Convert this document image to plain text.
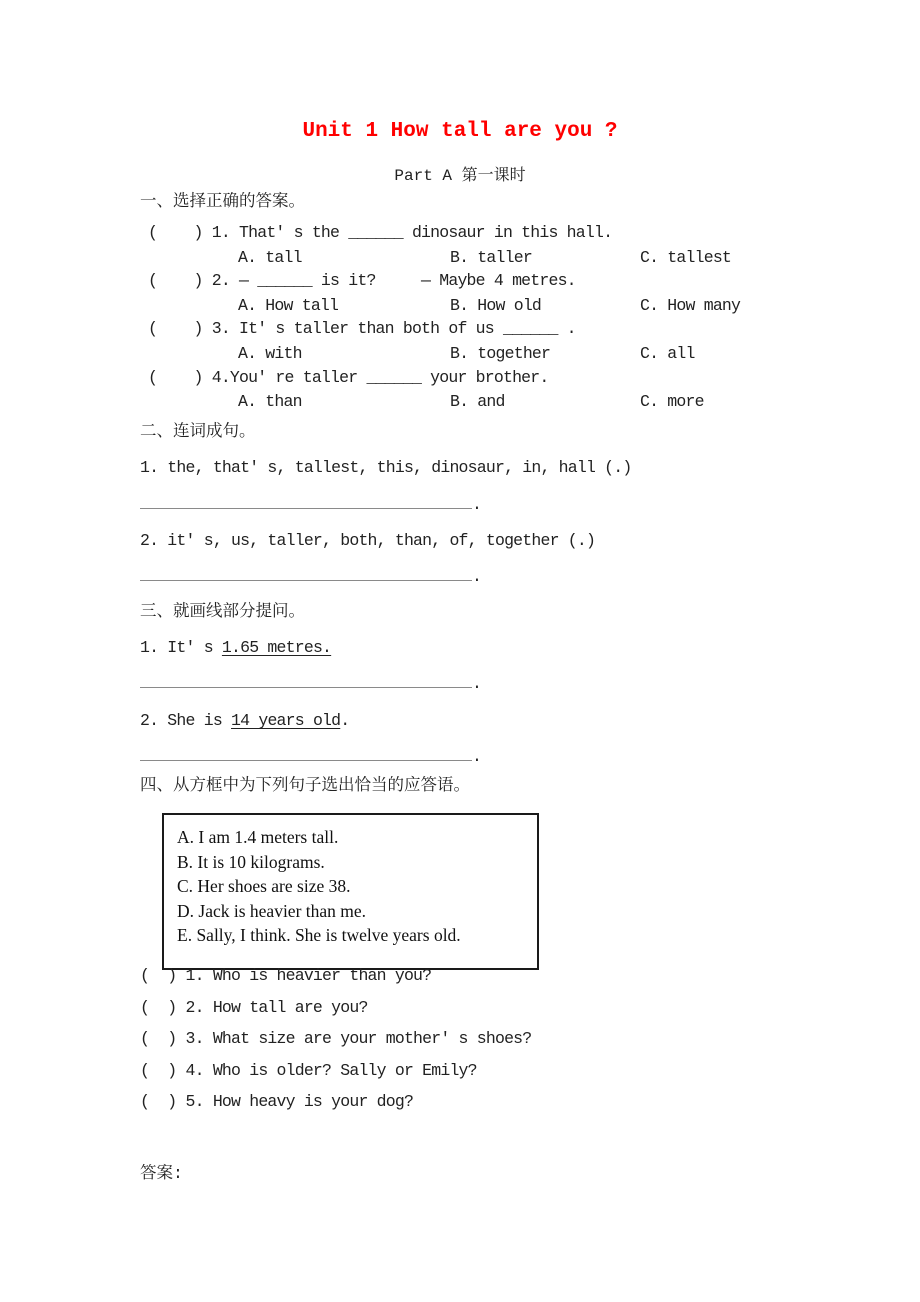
Unit 1 How tall are you ?
Part A 第一课时
一、选择正确的答案。
(    ) 1. That' s the ______ dinosaur in this hall.
A. tall	B. taller	C. tallest
(    ) 2. — ______ is it?     — Maybe 4 metres.
A. How tall	B. How old	C. How many
(    ) 3. It' s taller than both of us ______ .
A. with	B. together	C. all
(    ) 4.You' re taller ______ your brother.
A. than	B. and	C. more
二、连词成句。
1. the, that' s, tallest, this, dinosaur, in, hall (.)
.
2. it' s, us, taller, both, than, of, together (.)
.
三、就画线部分提问。
1. It' s 1.65 metres.
.
2. She is 14 years old.
.
四、从方框中为下列句子选出恰当的应答语。
A. I am 1.4 meters tall.
B. It is 10 kilograms.
C. Her shoes are size 38.
D. Jack is heavier than me.
E. Sally, I think. She is twelve years old.
(  ) 1. Who is heavier than you?
(  ) 2. How tall are you?
(  ) 3. What size are your mother' s shoes?
(  ) 4. Who is older? Sally or Emily?
(  ) 5. How heavy is your dog?
答案:
